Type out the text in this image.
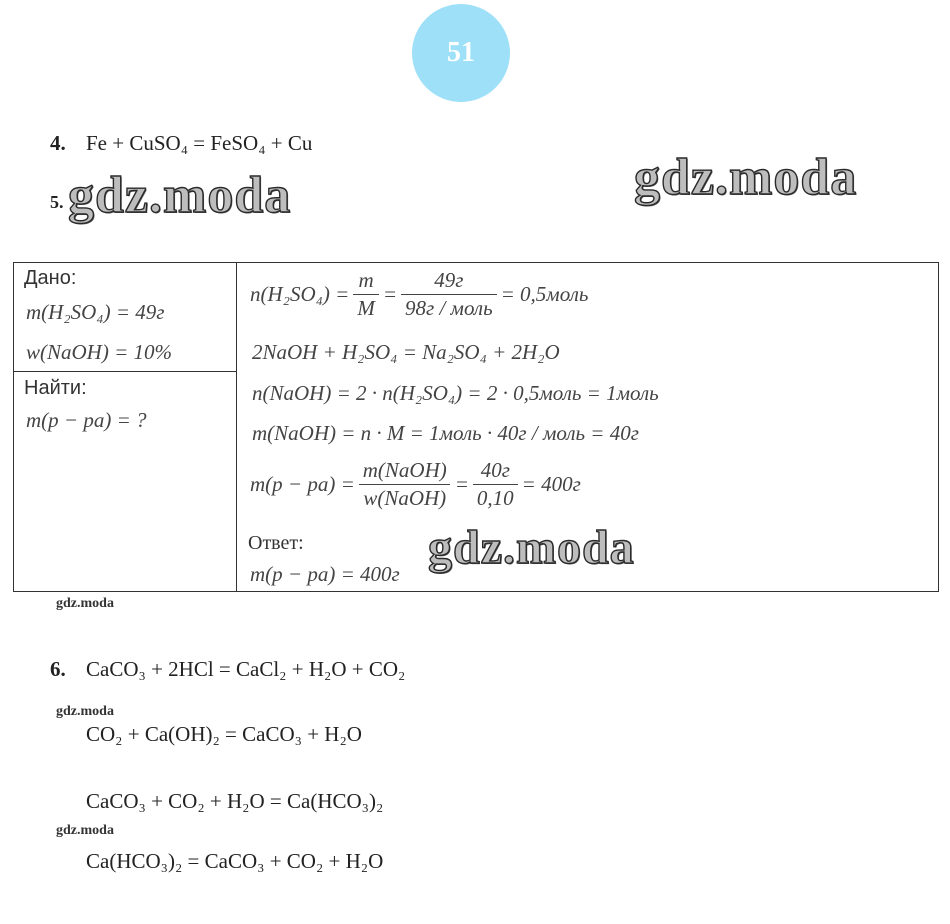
51
4. Fe + CuSO₄ = FeSO₄ + Cu
gdz.moda
5. gdz.moda
Дано:
m(H₂SO₄) = 49г
w(NaOH) = 10%
Найти:
m(p − pa) = ?
$n(H_2SO_4) = \frac{m}{M} = \frac{49г}{\text{98г / моль}}$ = 0,5моль
2NaOH + H₂SO₄ = Na₂SO₄ + 2H₂O
n(NaOH) = 2 · n(H₂SO₄) = 2 · 0,5моль = 1моль
m(NaOH) = n · M = 1моль · 40г / моль = 40г
$m(p - pa) = \frac{\text{m(NaOH)}}{\text{w(NaOH)}} = \frac{40г}{0,10} = 400г$
Ответ:
m(p − pa) = 400г gdz.moda
gdz.moda
6. CaCO₃ + 2HCl = CaCl₂ + H₂O + CO₂
gdz.moda
CO₂ + Ca(OH)₂ = CaCO₃ + H₂O
CaCO₃ + CO₂ + H₂O = Ca(HCO₃)₂
gdz.moda
Ca(HCO₃)₂ = CaCO₃ + CO₂ + H₂O
